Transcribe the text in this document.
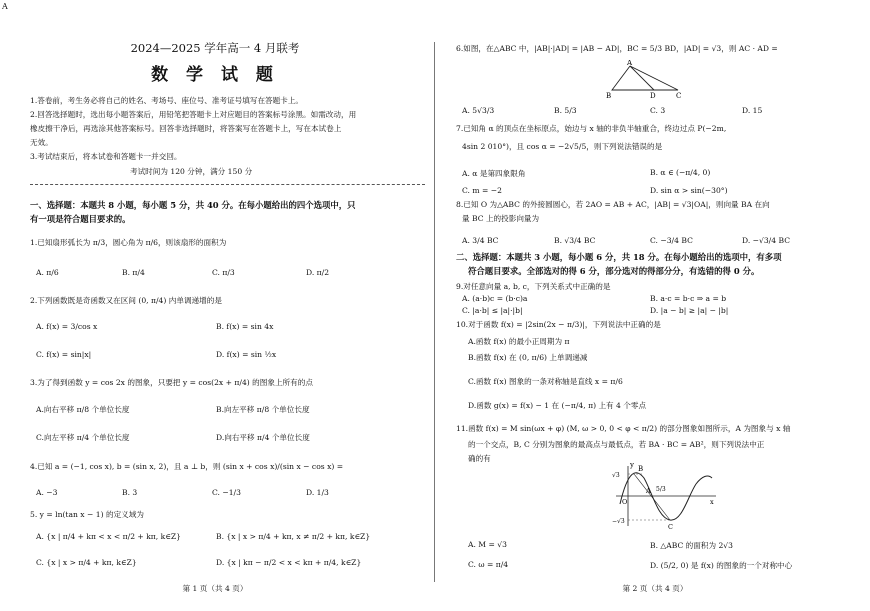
A
2024—2025 学年高一 4 月联考
数 学 试 题
1.答卷前，考生务必将自己的姓名、考场号、座位号、准考证号填写在答题卡上。
2.回答选择题时，选出每小题答案后，用铅笔把答题卡上对应题目的答案标号涂黑。如需改动，用
橡皮擦干净后，再选涂其他答案标号。回答非选择题时，将答案写在答题卡上，写在本试卷上
无效。
3.考试结束后，将本试卷和答题卡一并交回。
考试时间为 120 分钟，满分 150 分
一、选择题：本题共 8 小题，每小题 5 分，共 40 分。在每小题给出的四个选项中，只
有一项是符合题目要求的。
1.已知扇形弧长为 π/3，圆心角为 π/6，则该扇形的面积为
A. π/6	B. π/4	C. π/3	D. π/2
2.下列函数既是奇函数又在区间 (0, π/4) 内单调递增的是
A. f(x) = 3/cos x	B. f(x) = sin 4x
C. f(x) = sin|x|	D. f(x) = sin ½x
3.为了得到函数 y = cos 2x 的图象，只要把 y = cos(2x + π/4) 的图象上所有的点
A.向右平移 π/8 个单位长度	B.向左平移 π/8 个单位长度
C.向左平移 π/4 个单位长度	D.向右平移 π/4 个单位长度
4.已知 a = (−1, cos x), b = (sin x, 2)，且 a ⊥ b，则 (sin x + cos x)/(sin x − cos x) =
A. −3	B. 3	C. −1/3	D. 1/3
5. y = ln(tan x − 1) 的定义域为
A. {x | π/4 + kπ < x < π/2 + kπ, k∈Z}	B. {x | x > π/4 + kπ, x ≠ π/2 + kπ, k∈Z}
C. {x | x > π/4 + kπ, k∈Z}	D. {x | kπ − π/2 < x < kπ + π/4, k∈Z}
第 1 页（共 4 页）
6.如图，在△ABC 中，|AB|·|AD| = |AB − AD|，BC = 5/3 BD，|AD| = √3，则 AC · AD =
A
B	D	C
A. 5√3/3	B. 5/3	C. 3	D. 15
7.已知角 α 的顶点在坐标原点，始边与 x 轴的非负半轴重合，终边过点 P(−2m,
4sin 2 010°)，且 cos α = −2√5/5，则下列说法错误的是
A. α 是第四象限角	B. α ∈ (−π/4, 0)
C. m = −2	D. sin α > sin(−30°)
8.已知 O 为△ABC 的外接圆圆心，若 2AO = AB + AC，|AB| = √3|OA|，则向量 BA 在向
量 BC 上的投影向量为
A. 3/4 BC	B. √3/4 BC	C. −3/4 BC	D. −√3/4 BC
二、选择题：本题共 3 小题，每小题 6 分，共 18 分。在每小题给出的选项中，有多项
符合题目要求。全部选对的得 6 分，部分选对的得部分分，有选错的得 0 分。
9.对任意向量 a, b, c，下列关系式中正确的是
A. (a·b)c = (b·c)a	B. a·c = b·c ⇒ a = b
C. |a·b| ≤ |a|·|b|	D. |a − b| ≥ |a| − |b|
10.对于函数 f(x) = |2sin(2x − π/3)|，下列说法中正确的是
A.函数 f(x) 的最小正周期为 π
B.函数 f(x) 在 (0, π/6) 上单调递减
C.函数 f(x) 图象的一条对称轴是直线 x = π/6
D.函数 g(x) = f(x) − 1 在 (−π/4, π) 上有 4 个零点
11.函数 f(x) = M sin(ωx + φ) (M, ω > 0, 0 < φ < π/2) 的部分图象如图所示，A 为图象与 x 轴
的一个交点，B, C 分别为图象的最高点与最低点，若 BA · BC = AB²，则下列说法中正
确的有
y B
√3
O
A 5/3
x
−√3
C
A. M = √3	B. △ABC 的面积为 2√3
C. ω = π/4	D. (5/2, 0) 是 f(x) 的图象的一个对称中心
第 2 页（共 4 页）
